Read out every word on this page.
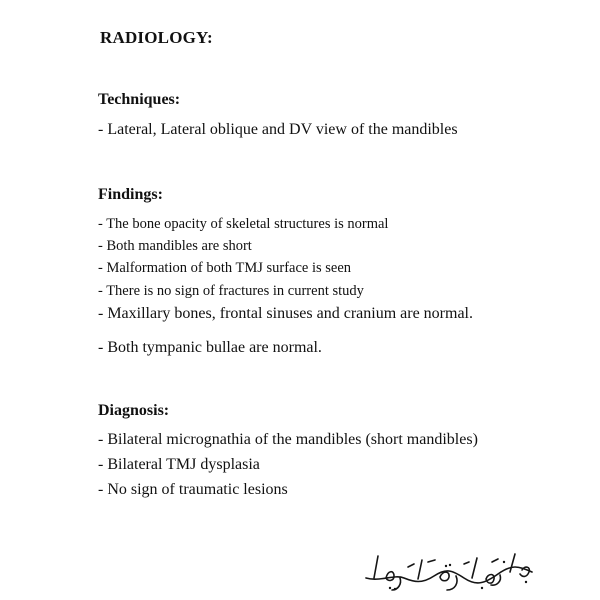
RADIOLOGY:
Techniques:
- Lateral, Lateral oblique and DV view of the mandibles
Findings:
- The bone opacity of skeletal structures is normal
- Both mandibles are short
- Malformation of both TMJ surface is seen
- There is no sign of fractures in current study
- Maxillary bones, frontal sinuses and cranium are normal.
- Both tympanic bullae are normal.
Diagnosis:
- Bilateral micrognathia of the mandibles (short mandibles)
- Bilateral TMJ dysplasia
- No sign of traumatic lesions
